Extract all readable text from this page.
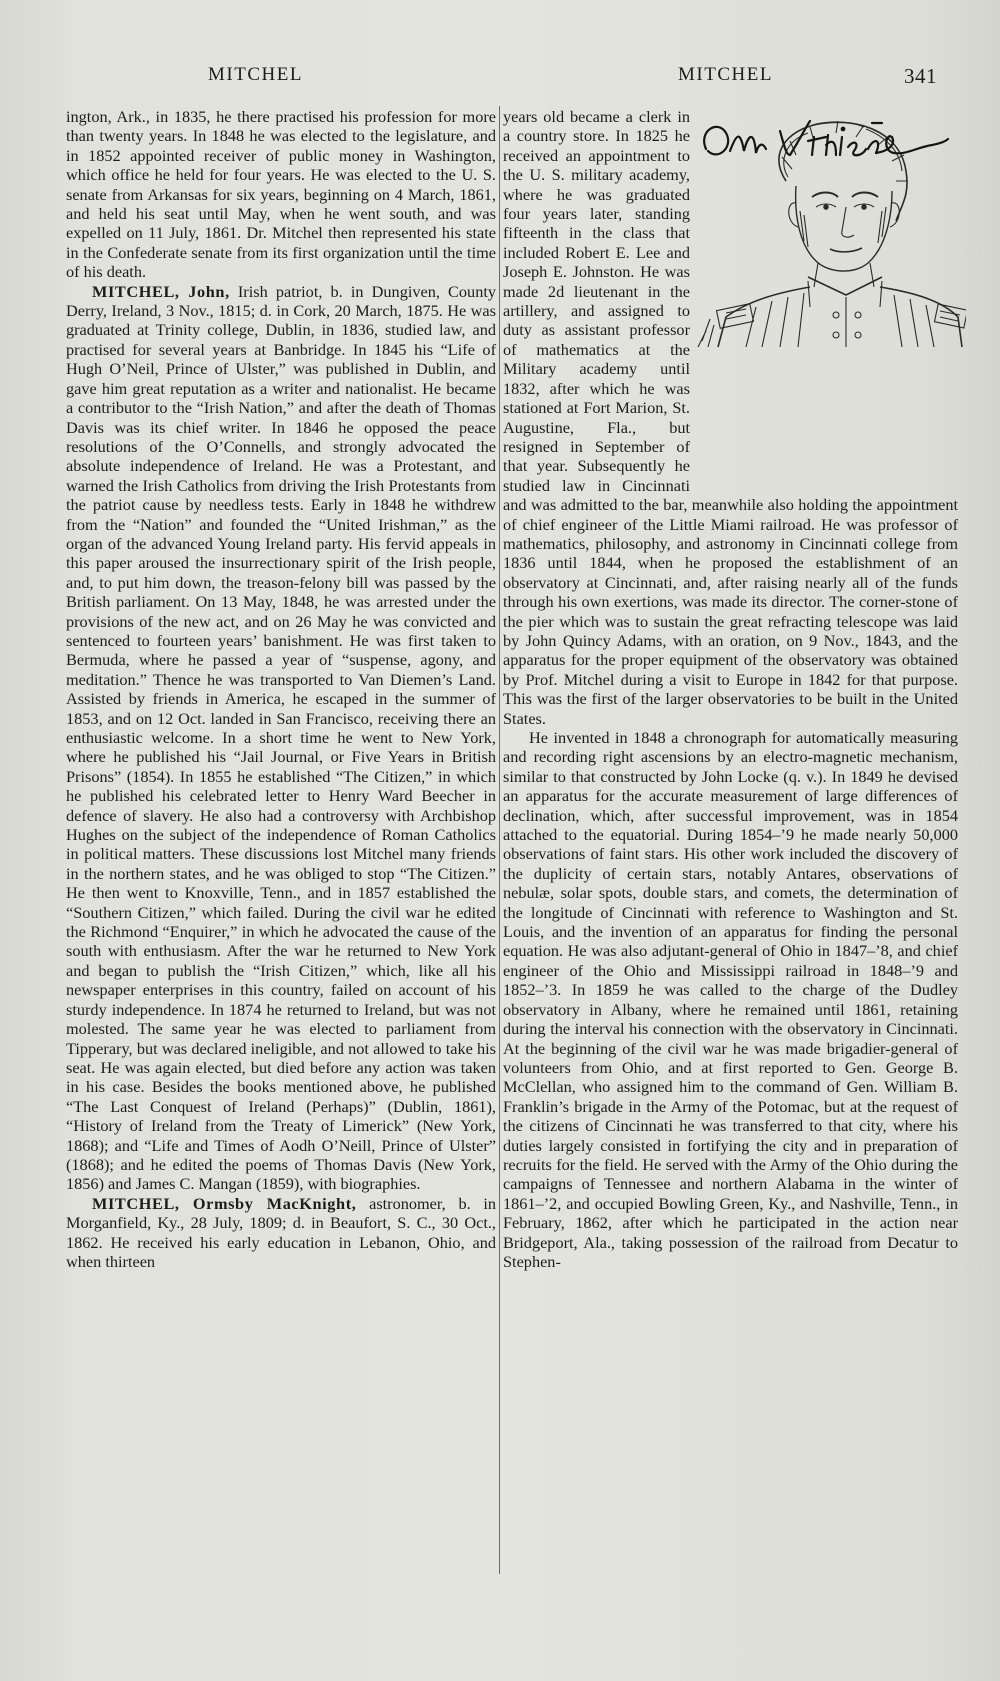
MITCHEL	MITCHEL	341

ington, Ark., in 1835, he there practised his profession for more than twenty years. In 1848 he was elected to the legislature, and in 1852 appointed receiver of public money in Washington, which office he held for four years. He was elected to the U. S. senate from Arkansas for six years, beginning on 4 March, 1861, and held his seat until May, when he went south, and was expelled on 11 July, 1861. Dr. Mitchel then represented his state in the Confederate senate from its first organization until the time of his death.

MITCHEL, John, Irish patriot, b. in Dungiven, County Derry, Ireland, 3 Nov., 1815; d. in Cork, 20 March, 1875. He was graduated at Trinity college, Dublin, in 1836, studied law, and practised for several years at Banbridge. In 1845 his “Life of Hugh O’Neil, Prince of Ulster,” was published in Dublin, and gave him great reputation as a writer and nationalist. He became a contributor to the “Irish Nation,” and after the death of Thomas Davis was its chief writer. In 1846 he opposed the peace resolutions of the O’Connells, and strongly advocated the absolute independence of Ireland. He was a Protestant, and warned the Irish Catholics from driving the Irish Protestants from the patriot cause by needless tests. Early in 1848 he withdrew from the “Nation” and founded the “United Irishman,” as the organ of the advanced Young Ireland party. His fervid appeals in this paper aroused the insurrectionary spirit of the Irish people, and, to put him down, the treason-felony bill was passed by the British parliament. On 13 May, 1848, he was arrested under the provisions of the new act, and on 26 May he was convicted and sentenced to fourteen years’ banishment. He was first taken to Bermuda, where he passed a year of “suspense, agony, and meditation.” Thence he was transported to Van Diemen’s Land. Assisted by friends in America, he escaped in the summer of 1853, and on 12 Oct. landed in San Francisco, receiving there an enthusiastic welcome. In a short time he went to New York, where he published his “Jail Journal, or Five Years in British Prisons” (1854). In 1855 he established “The Citizen,” in which he published his celebrated letter to Henry Ward Beecher in defence of slavery. He also had a controversy with Archbishop Hughes on the subject of the independence of Roman Catholics in political matters. These discussions lost Mitchel many friends in the northern states, and he was obliged to stop “The Citizen.” He then went to Knoxville, Tenn., and in 1857 established the “Southern Citizen,” which failed. During the civil war he edited the Richmond “Enquirer,” in which he advocated the cause of the south with enthusiasm. After the war he returned to New York and began to publish the “Irish Citizen,” which, like all his newspaper enterprises in this country, failed on account of his sturdy independence. In 1874 he returned to Ireland, but was not molested. The same year he was elected to parliament from Tipperary, but was declared ineligible, and not allowed to take his seat. He was again elected, but died before any action was taken in his case. Besides the books mentioned above, he published “The Last Conquest of Ireland (Perhaps)” (Dublin, 1861), “History of Ireland from the Treaty of Limerick” (New York, 1868); and “Life and Times of Aodh O’Neill, Prince of Ulster” (1868); and he edited the poems of Thomas Davis (New York, 1856) and James C. Mangan (1859), with biographies.

MITCHEL, Ormsby MacKnight, astronomer, b. in Morganfield, Ky., 28 July, 1809; d. in Beaufort, S. C., 30 Oct., 1862. He received his early education in Lebanon, Ohio, and when thirteen

O.M. Mitchel
years old became a clerk in a country store. In 1825 he received an appointment to the U. S. military academy, where he was graduated four years later, standing fifteenth in the class that included Robert E. Lee and Joseph E. Johnston. He was made 2d lieutenant in the artillery, and assigned to duty as assistant professor of mathematics at the Military academy until 1832, after which he was stationed at Fort Marion, St. Augustine, Fla., but resigned in September of that year. Subsequently he studied law in Cincinnati and was admitted to the bar, meanwhile also holding the appointment of chief engineer of the Little Miami railroad. He was professor of mathematics, philosophy, and astronomy in Cincinnati college from 1836 until 1844, when he proposed the establishment of an observatory at Cincinnati, and, after raising nearly all of the funds through his own exertions, was made its director. The corner-stone of the pier which was to sustain the great refracting telescope was laid by John Quincy Adams, with an oration, on 9 Nov., 1843, and the apparatus for the proper equipment of the observatory was obtained by Prof. Mitchel during a visit to Europe in 1842 for that purpose. This was the first of the larger observatories to be built in the United States.

He invented in 1848 a chronograph for automatically measuring and recording right ascensions by an electro-magnetic mechanism, similar to that constructed by John Locke (q. v.). In 1849 he devised an apparatus for the accurate measurement of large differences of declination, which, after successful improvement, was in 1854 attached to the equatorial. During 1854–’9 he made nearly 50,000 observations of faint stars. His other work included the discovery of the duplicity of certain stars, notably Antares, observations of nebulæ, solar spots, double stars, and comets, the determination of the longitude of Cincinnati with reference to Washington and St. Louis, and the invention of an apparatus for finding the personal equation. He was also adjutant-general of Ohio in 1847–’8, and chief engineer of the Ohio and Mississippi railroad in 1848–’9 and 1852–’3. In 1859 he was called to the charge of the Dudley observatory in Albany, where he remained until 1861, retaining during the interval his connection with the observatory in Cincinnati. At the beginning of the civil war he was made brigadier-general of volunteers from Ohio, and at first reported to Gen. George B. McClellan, who assigned him to the command of Gen. William B. Franklin’s brigade in the Army of the Potomac, but at the request of the citizens of Cincinnati he was transferred to that city, where his duties largely consisted in fortifying the city and in preparation of recruits for the field. He served with the Army of the Ohio during the campaigns of Tennessee and northern Alabama in the winter of 1861–’2, and occupied Bowling Green, Ky., and Nashville, Tenn., in February, 1862, after which he participated in the action near Bridgeport, Ala., taking possession of the railroad from Decatur to Stephen-
